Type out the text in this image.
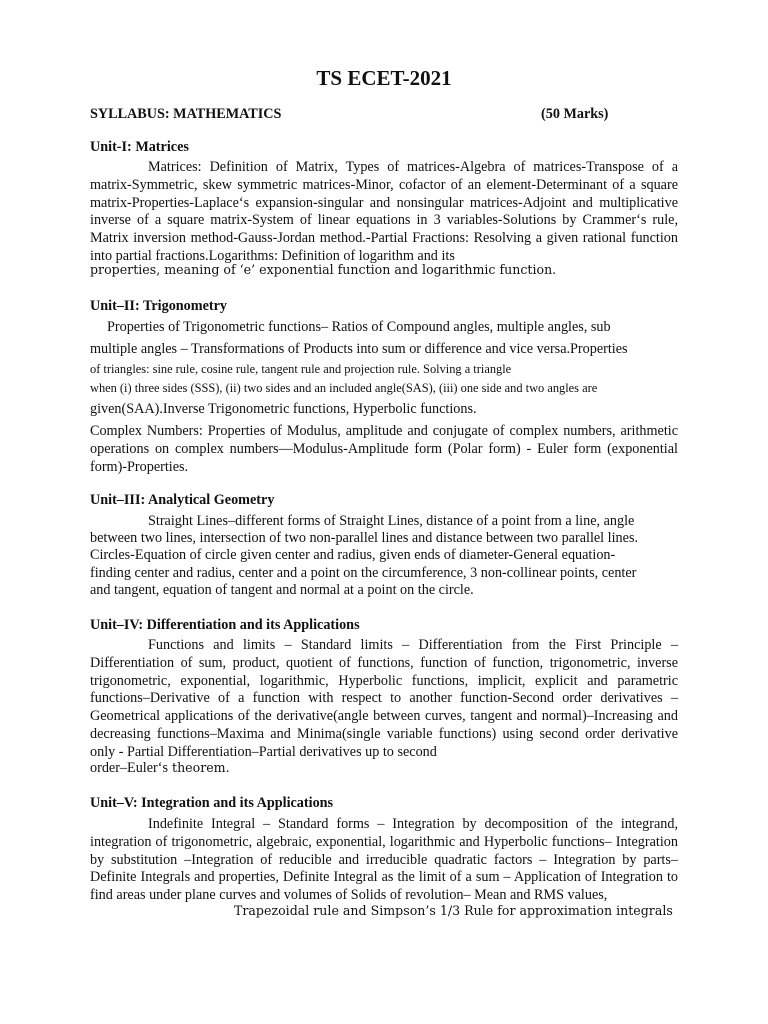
TS ECET-2021
SYLLABUS: MATHEMATICS	(50 Marks)
Unit-I: Matrices

Matrices: Definition of Matrix, Types of matrices-Algebra of matrices-Transpose of a matrix-Symmetric, skew symmetric matrices-Minor, cofactor of an element-Determinant of a square matrix-Properties-Laplace‘s expansion-singular and nonsingular matrices-Adjoint and multiplicative inverse of a square matrix-System of linear equations in 3 variables-Solutions by Crammer‘s rule, Matrix inversion method-Gauss-Jordan method.-Partial Fractions: Resolving a given rational function into partial fractions.Logarithms: Definition of logarithm and its

properties, meaning of ‘e’ exponential function and logarithmic function.
Unit–II: Trigonometry
Properties of Trigonometric functions– Ratios of Compound angles, multiple angles, sub
multiple angles – Transformations of Products into sum or difference and vice versa.Properties
of triangles: sine rule, cosine rule, tangent rule and projection rule. Solving a triangle
when (i) three sides (SSS), (ii) two sides and an included angle(SAS), (iii) one side and two angles are
given(SAA).Inverse Trigonometric functions, Hyperbolic functions.

Complex Numbers: Properties of Modulus, amplitude and conjugate of complex numbers, arithmetic operations on complex numbers—Modulus-Amplitude form (Polar form) - Euler form (exponential form)-Properties.

Unit–III: Analytical Geometry
Straight Lines–different forms of Straight Lines, distance of a point from a line, angle
between two lines, intersection of two non-parallel lines and distance between two parallel lines.
Circles-Equation of circle given center and radius, given ends of diameter-General equation-
finding center and radius, center and a point on the circumference, 3 non-collinear points, center
and tangent, equation of tangent and normal at a point on the circle.
Unit–IV: Differentiation and its Applications

Functions and limits – Standard limits – Differentiation from the First Principle – Differentiation of sum, product, quotient of functions, function of function, trigonometric, inverse trigonometric, exponential, logarithmic, Hyperbolic functions, implicit, explicit and parametric functions–Derivative of a function with respect to another function-Second order derivatives – Geometrical applications of the derivative(angle between curves, tangent and normal)–Increasing and decreasing functions–Maxima and Minima(single variable functions) using second order derivative only - Partial Differentiation–Partial derivatives up to second

order–Euler‘s theorem.
Unit–V: Integration and its Applications

Indefinite Integral – Standard forms – Integration by decomposition of the integrand, integration of trigonometric, algebraic, exponential, logarithmic and Hyperbolic functions– Integration by substitution –Integration of reducible and irreducible quadratic factors – Integration by parts– Definite Integrals and properties, Definite Integral as the limit of a sum – Application of Integration to find areas under plane curves and volumes of Solids of revolution– Mean and RMS values,

Trapezoidal rule and Simpson’s 1/3 Rule for approximation integrals
